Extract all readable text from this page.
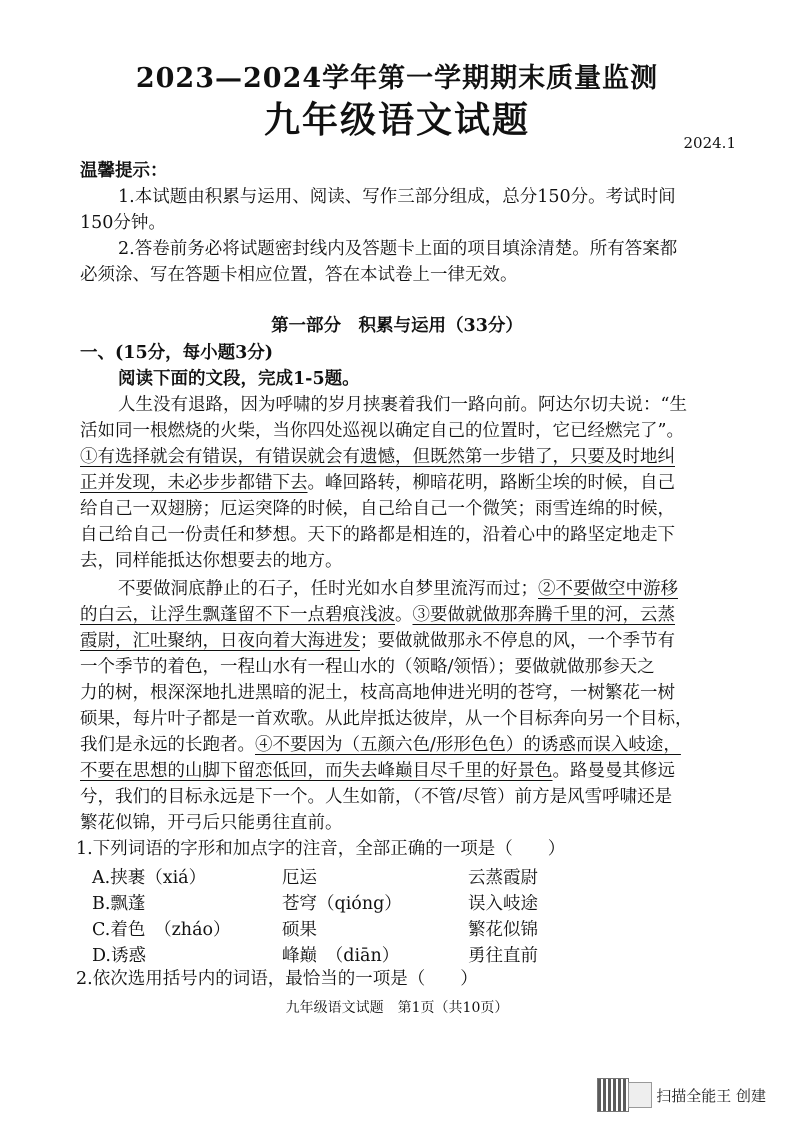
2023—2024学年第一学期期末质量监测
九年级语文试题
2024.1
温馨提示：
1.本试题由积累与运用、阅读、写作三部分组成，总分150分。考试时间
150分钟。
2.答卷前务必将试题密封线内及答题卡上面的项目填涂清楚。所有答案都
必须涂、写在答题卡相应位置，答在本试卷上一律无效。
第一部分　积累与运用（33分）
一、(15分，每小题3分)
阅读下面的文段，完成1-5题。
人生没有退路，因为呼啸的岁月挟裹着我们一路向前。阿达尔切夫说：“生
活如同一根燃烧的火柴，当你四处巡视以确定自己的位置时，它已经燃完了”。
①有选择就会有错误，有错误就会有遗憾，但既然第一步错了，只要及时地纠
正并发现，未必步步都错下去。峰回路转，柳暗花明，路断尘埃的时候，自己
给自己一双翅膀；厄运突降的时候，自己给自己一个微笑；雨雪连绵的时候，
自己给自己一份责任和梦想。天下的路都是相连的，沿着心中的路坚定地走下
去，同样能抵达你想要去的地方。
不要做洞底静止的石子，任时光如水自梦里流泻而过；②不要做空中游移
的白云，让浮生飘蓬留不下一点碧痕浅波。③要做就做那奔腾千里的河，云蒸
霞尉，汇吐聚纳，日夜向着大海进发；要做就做那永不停息的风，一个季节有
一个季节的着色，一程山水有一程山水的（领略/领悟）；要做就做那参天之
力的树，根深深地扎进黑暗的泥土，枝高高地伸进光明的苍穹，一树繁花一树
硕果，每片叶子都是一首欢歌。从此岸抵达彼岸，从一个目标奔向另一个目标，
我们是永远的长跑者。④不要因为（五颜六色/形形色色）的诱惑而误入岐途，
不要在思想的山脚下留恋低回，而失去峰巅目尽千里的好景色。路曼曼其修远
兮，我们的目标永远是下一个。人生如箭，（不管/尽管）前方是风雪呼啸还是
繁花似锦，开弓后只能勇往直前。
1.下列词语的字形和加点字的注音，全部正确的一项是（　　）
A.挟裹（xiá）	厄运	云蒸霞尉
B.飘蓬	苍穹（qióng）	误入岐途
C.着色　（zháo）	硕果	繁花似锦
D.诱惑	峰巅　（diān）	勇往直前
2.依次选用括号内的词语，最恰当的一项是（　　）
九年级语文试题　第1页（共10页）
扫描全能王 创建
